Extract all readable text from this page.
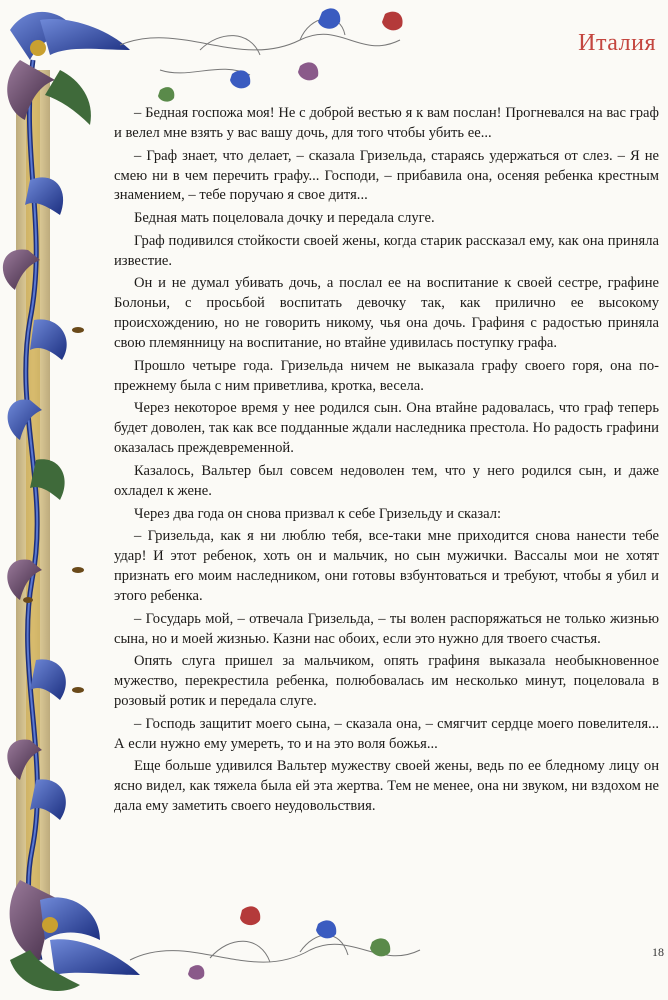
Италия

– Бедная госпожа моя! Не с доброй вестью я к вам послан! Прогневался на вас граф и велел мне взять у вас вашу дочь, для того чтобы убить ее...

– Граф знает, что делает, – сказала Гризельда, стараясь удержаться от слез. – Я не смею ни в чем перечить графу... Господи, – прибавила она, осеняя ребенка крестным знамением, – тебе поручаю я свое дитя...

Бедная мать поцеловала дочку и передала слуге.

Граф подивился стойкости своей жены, когда старик рассказал ему, как она приняла известие.

Он и не думал убивать дочь, а послал ее на воспитание к своей сестре, графине Болоньи, с просьбой воспитать девочку так, как прилично ее высокому происхождению, но не говорить никому, чья она дочь. Графиня с радостью приняла свою племянницу на воспитание, но втайне удивилась поступку графа.

Прошло четыре года. Гризельда ничем не выказала графу своего горя, она по-прежнему была с ним приветлива, кротка, весела.

Через некоторое время у нее родился сын. Она втайне радовалась, что граф теперь будет доволен, так как все подданные ждали наследника престола. Но радость графини оказалась преждевременной.

Казалось, Вальтер был совсем недоволен тем, что у него родился сын, и даже охладел к жене.

Через два года он снова призвал к себе Гризельду и сказал:

– Гризельда, как я ни люблю тебя, все-таки мне приходится снова нанести тебе удар! И этот ребенок, хоть он и мальчик, но сын мужички. Вассалы мои не хотят признать его моим наследником, они готовы взбунтоваться и требуют, чтобы я убил и этого ребенка.

– Государь мой, – отвечала Гризельда, – ты волен распоряжаться не только жизнью сына, но и моей жизнью. Казни нас обоих, если это нужно для твоего счастья.

Опять слуга пришел за мальчиком, опять графиня выказала необыкновенное мужество, перекрестила ребенка, полюбовалась им несколько минут, поцеловала в розовый ротик и передала слуге.

– Господь защитит моего сына, – сказала она, – смягчит сердце моего повелителя... А если нужно ему умереть, то и на это воля божья...

Еще больше удивился Вальтер мужеству своей жены, ведь по ее бледному лицу он ясно видел, как тяжела была ей эта жертва. Тем не менее, она ни звуком, ни вздохом не дала ему заметить своего неудовольствия.

18
